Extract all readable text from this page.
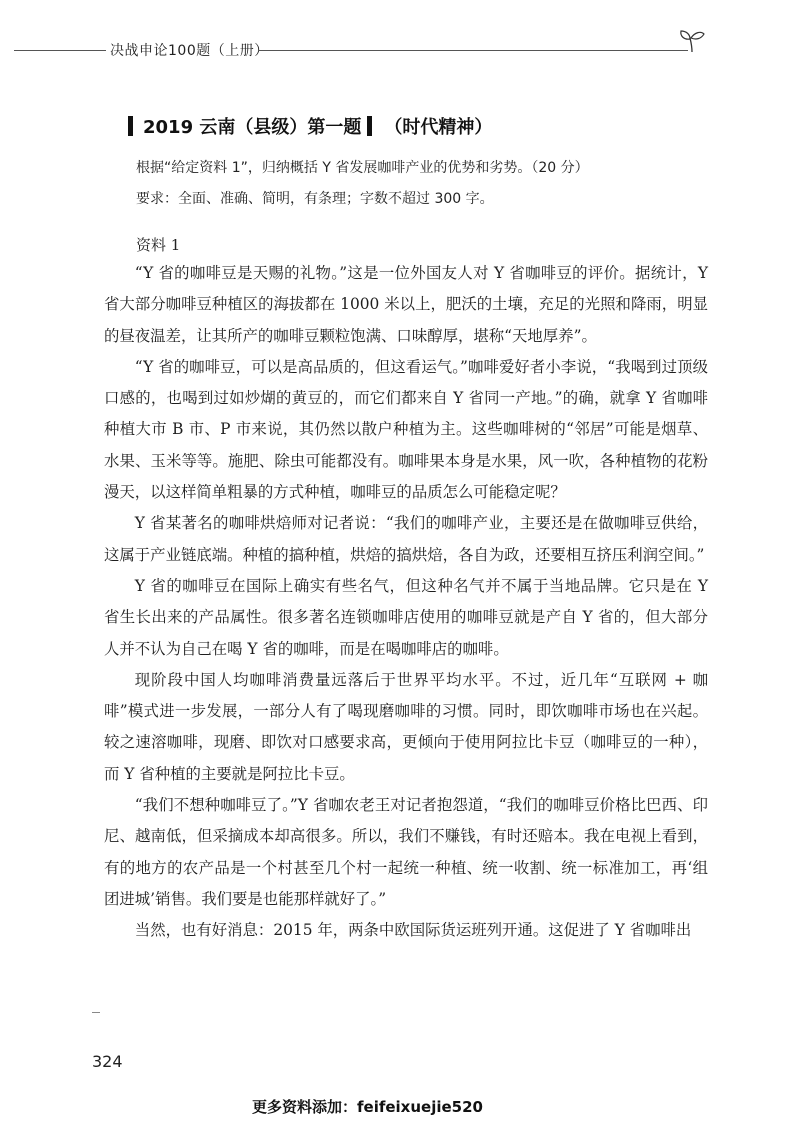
决战申论100题（上册）
2019 云南（县级）第一题 （时代精神）
根据“给定资料 1”，归纳概括 Y 省发展咖啡产业的优势和劣势。（20 分）
要求：全面、准确、简明，有条理；字数不超过 300 字。
资料 1

“Y 省的咖啡豆是天赐的礼物。”这是一位外国友人对 Y 省咖啡豆的评价。据统计，Y 省大部分咖啡豆种植区的海拔都在 1000 米以上，肥沃的土壤，充足的光照和降雨，明显的昼夜温差，让其所产的咖啡豆颗粒饱满、口味醇厚，堪称“天地厚养”。

“Y 省的咖啡豆，可以是高品质的，但这看运气。”咖啡爱好者小李说，“我喝到过顶级口感的，也喝到过如炒煳的黄豆的，而它们都来自 Y 省同一产地。”的确，就拿 Y 省咖啡种植大市 B 市、P 市来说，其仍然以散户种植为主。这些咖啡树的“邻居”可能是烟草、水果、玉米等等。施肥、除虫可能都没有。咖啡果本身是水果，风一吹，各种植物的花粉漫天，以这样简单粗暴的方式种植，咖啡豆的品质怎么可能稳定呢？

Y 省某著名的咖啡烘焙师对记者说：“我们的咖啡产业，主要还是在做咖啡豆供给，这属于产业链底端。种植的搞种植，烘焙的搞烘焙，各自为政，还要相互挤压利润空间。”

Y 省的咖啡豆在国际上确实有些名气，但这种名气并不属于当地品牌。它只是在 Y 省生长出来的产品属性。很多著名连锁咖啡店使用的咖啡豆就是产自 Y 省的，但大部分人并不认为自己在喝 Y 省的咖啡，而是在喝咖啡店的咖啡。

现阶段中国人均咖啡消费量远落后于世界平均水平。不过，近几年“互联网 + 咖啡”模式进一步发展，一部分人有了喝现磨咖啡的习惯。同时，即饮咖啡市场也在兴起。较之速溶咖啡，现磨、即饮对口感要求高，更倾向于使用阿拉比卡豆（咖啡豆的一种），而 Y 省种植的主要就是阿拉比卡豆。

“我们不想种咖啡豆了。”Y 省咖农老王对记者抱怨道，“我们的咖啡豆价格比巴西、印尼、越南低，但采摘成本却高很多。所以，我们不赚钱，有时还赔本。我在电视上看到，有的地方的农产品是一个村甚至几个村一起统一种植、统一收割、统一标准加工，再‘组团进城’销售。我们要是也能那样就好了。”

当然，也有好消息：2015 年，两条中欧国际货运班列开通。这促进了 Y 省咖啡出

324
更多资料添加：feifeixuejie520
